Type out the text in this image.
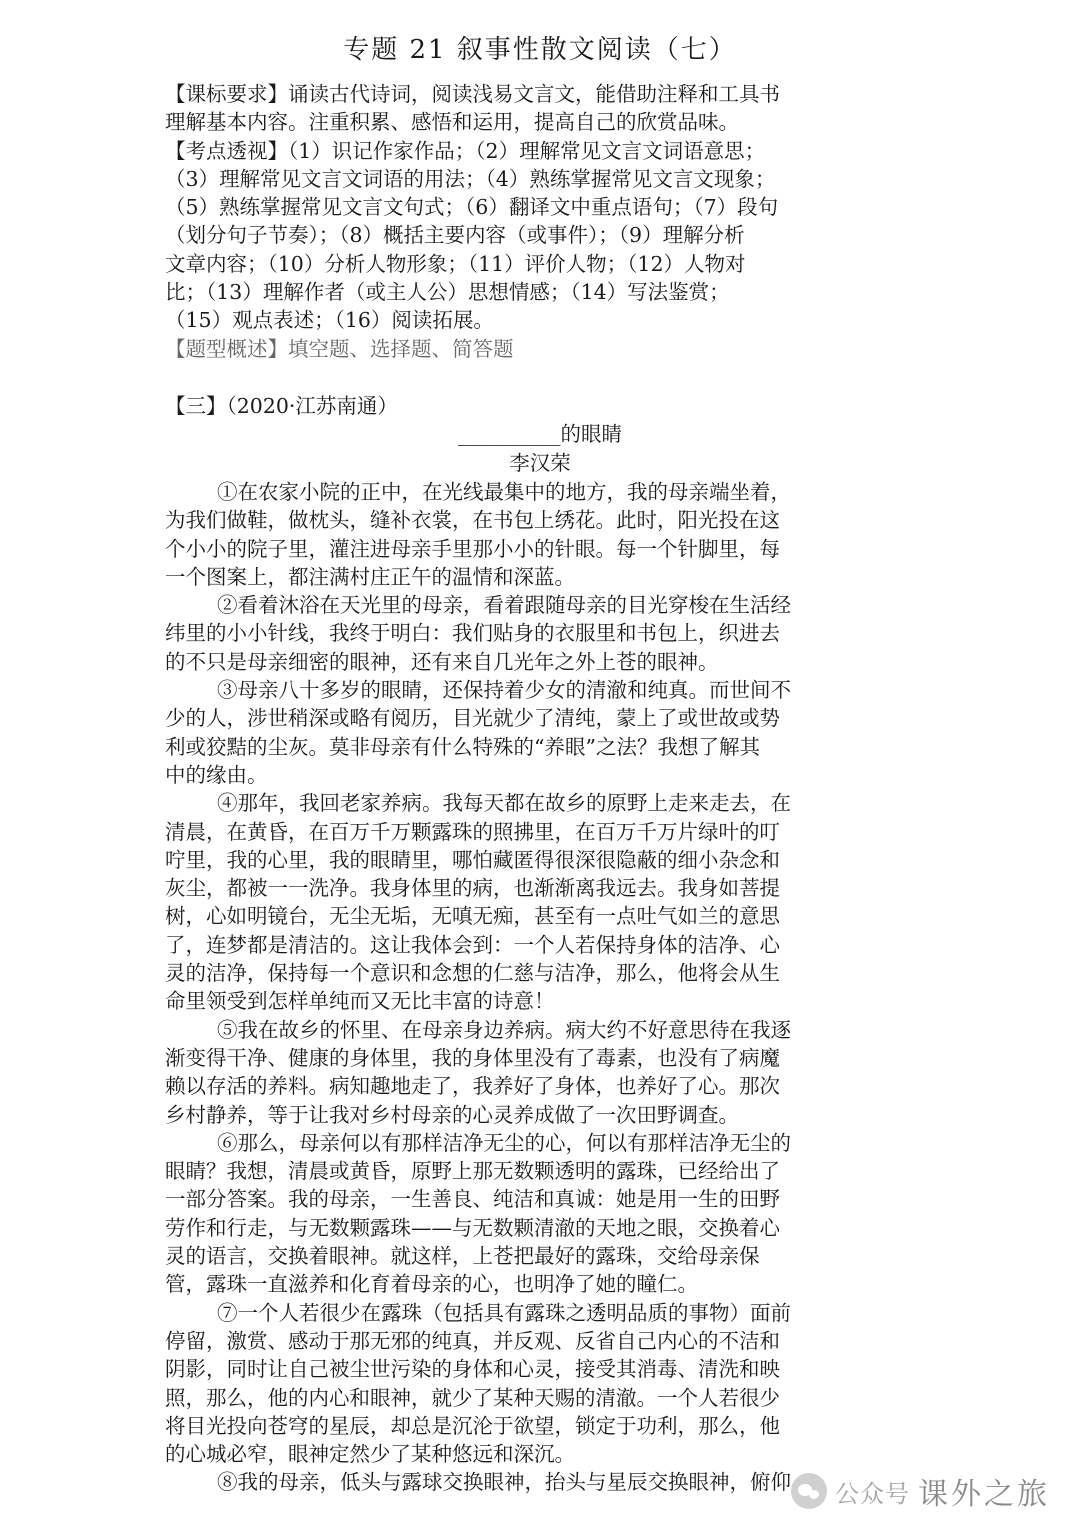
专题 21 叙事性散文阅读（七）
【课标要求】诵读古代诗词，阅读浅易文言文，能借助注释和工具书
理解基本内容。注重积累、感悟和运用，提高自己的欣赏品味。
【考点透视】（1）识记作家作品；（2）理解常见文言文词语意思；
（3）理解常见文言文词语的用法；（4）熟练掌握常见文言文现象；
（5）熟练掌握常见文言文句式；（6）翻译文中重点语句；（7）段句
（划分句子节奏）；（8）概括主要内容（或事件）；（9）理解分析
文章内容；（10）分析人物形象；（11）评价人物；（12）人物对
比；（13）理解作者（或主人公）思想情感；（14）写法鉴赏；
（15）观点表述；（16）阅读拓展。
【题型概述】填空题、选择题、简答题
【三】（2020·江苏南通）
__________的眼睛
李汉荣
①在农家小院的正中，在光线最集中的地方，我的母亲端坐着，
为我们做鞋，做枕头，缝补衣裳，在书包上绣花。此时，阳光投在这
个小小的院子里，灌注进母亲手里那小小的针眼。每一个针脚里，每
一个图案上，都注满村庄正午的温情和深蓝。
②看着沐浴在天光里的母亲，看着跟随母亲的目光穿梭在生活经
纬里的小小针线，我终于明白：我们贴身的衣服里和书包上，织进去
的不只是母亲细密的眼神，还有来自几光年之外上苍的眼神。
③母亲八十多岁的眼睛，还保持着少女的清澈和纯真。而世间不
少的人，涉世稍深或略有阅历，目光就少了清纯，蒙上了或世故或势
利或狡黠的尘灰。莫非母亲有什么特殊的“养眼”之法？我想了解其
中的缘由。
④那年，我回老家养病。我每天都在故乡的原野上走来走去，在
清晨，在黄昏，在百万千万颗露珠的照拂里，在百万千万片绿叶的叮
咛里，我的心里，我的眼睛里，哪怕藏匿得很深很隐蔽的细小杂念和
灰尘，都被一一洗净。我身体里的病，也渐渐离我远去。我身如菩提
树，心如明镜台，无尘无垢，无嗔无痴，甚至有一点吐气如兰的意思
了，连梦都是清洁的。这让我体会到：一个人若保持身体的洁净、心
灵的洁净，保持每一个意识和念想的仁慈与洁净，那么，他将会从生
命里领受到怎样单纯而又无比丰富的诗意！
⑤我在故乡的怀里、在母亲身边养病。病大约不好意思待在我逐
渐变得干净、健康的身体里，我的身体里没有了毒素，也没有了病魔
赖以存活的养料。病知趣地走了，我养好了身体，也养好了心。那次
乡村静养，等于让我对乡村母亲的心灵养成做了一次田野调查。
⑥那么，母亲何以有那样洁净无尘的心，何以有那样洁净无尘的
眼睛？我想，清晨或黄昏，原野上那无数颗透明的露珠，已经给出了
一部分答案。我的母亲，一生善良、纯洁和真诚：她是用一生的田野
劳作和行走，与无数颗露珠——与无数颗清澈的天地之眼，交换着心
灵的语言，交换着眼神。就这样，上苍把最好的露珠，交给母亲保
管，露珠一直滋养和化育着母亲的心，也明净了她的瞳仁。
⑦一个人若很少在露珠（包括具有露珠之透明品质的事物）面前
停留，激赏、感动于那无邪的纯真，并反观、反省自己内心的不洁和
阴影，同时让自己被尘世污染的身体和心灵，接受其消毒、清洗和映
照，那么，他的内心和眼神，就少了某种天赐的清澈。一个人若很少
将目光投向苍穹的星辰，却总是沉沦于欲望，锁定于功利，那么，他
的心城必窄，眼神定然少了某种悠远和深沉。
⑧我的母亲，低头与露球交换眼神，抬头与星辰交换眼神，俯仰	公众号 课外之旅
